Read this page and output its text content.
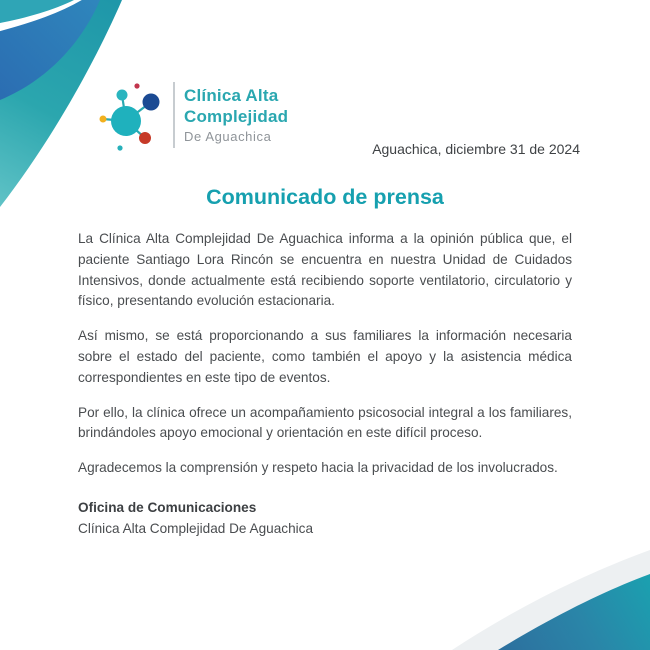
Clínica Alta
Complejidad
De Aguachica
Aguachica, diciembre 31 de 2024
Comunicado de prensa

La Clínica Alta Complejidad De Aguachica informa a la opinión pública que, el paciente Santiago Lora Rincón se encuentra en nuestra Unidad de Cuidados Intensivos, donde actualmente está recibiendo soporte ventilatorio, circulatorio y físico, presentando evolución estacionaria.

Así mismo, se está proporcionando a sus familiares la información necesaria sobre el estado del paciente, como también el apoyo y la asistencia médica correspondientes en este tipo de eventos.

Por ello, la clínica ofrece un acompañamiento psicosocial integral a los familiares, brindándoles apoyo emocional y orientación en este difícil proceso.

Agradecemos la comprensión y respeto hacia la privacidad de los involucrados.

Oficina de Comunicaciones
Clínica Alta Complejidad De Aguachica
